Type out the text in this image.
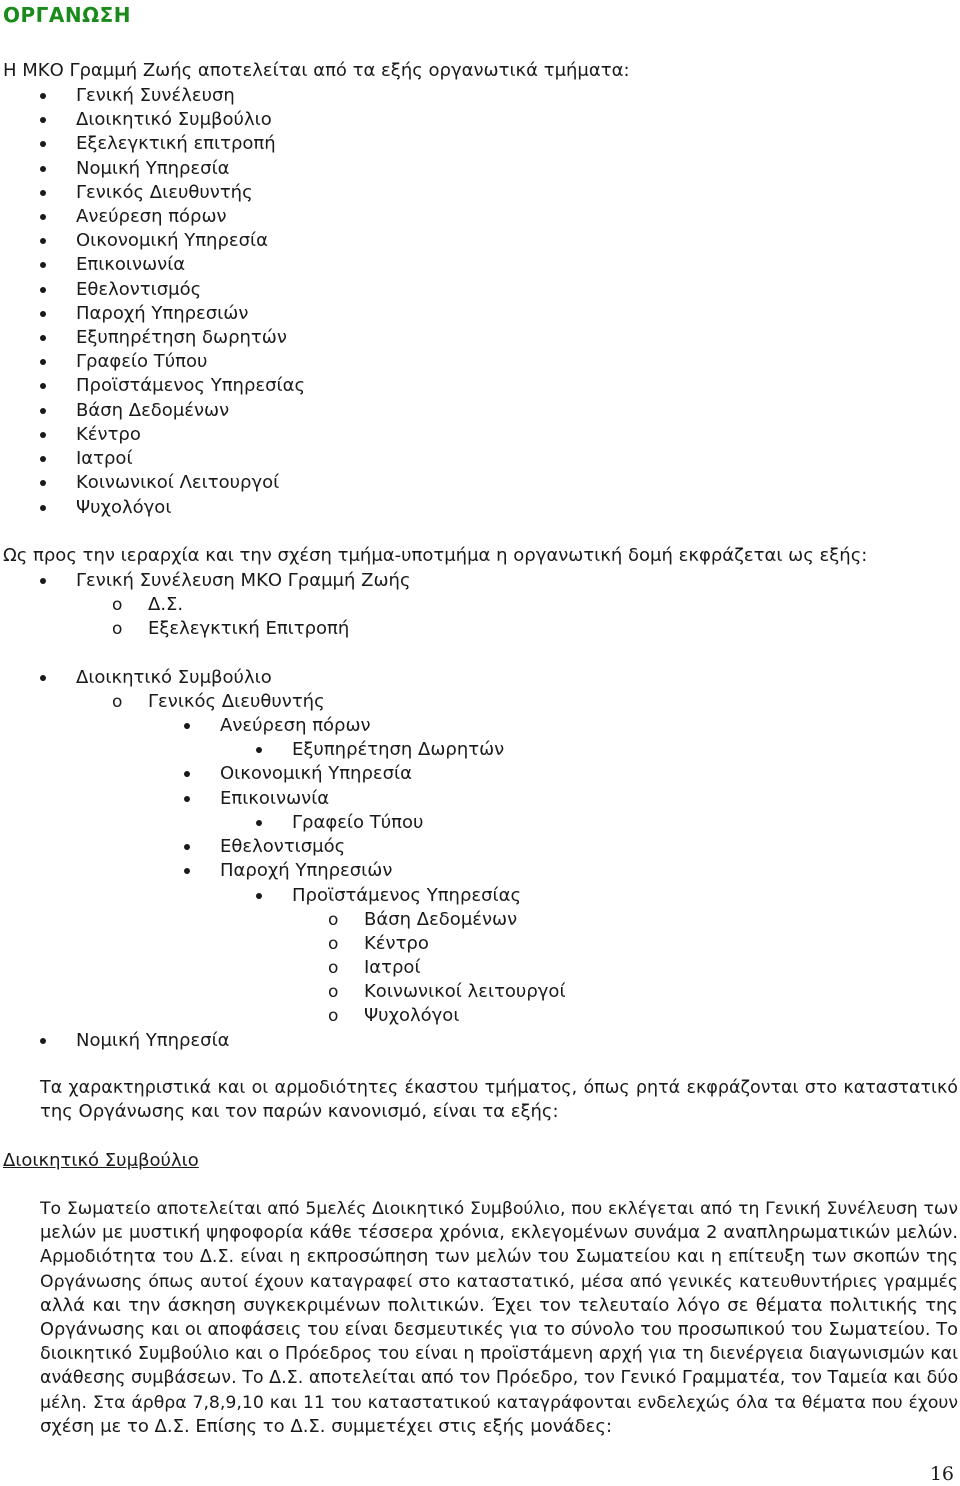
ΟΡΓΑΝΩΣΗ
Η ΜΚΟ Γραμμή Ζωής αποτελείται από τα εξής οργανωτικά τμήματα:
Γενική Συνέλευση
Διοικητικό Συμβούλιο
Εξελεγκτική επιτροπή
Νομική Υπηρεσία
Γενικός Διευθυντής
Ανεύρεση πόρων
Οικονομική Υπηρεσία
Επικοινωνία
Εθελοντισμός
Παροχή Υπηρεσιών
Εξυπηρέτηση δωρητών
Γραφείο Τύπου
Προϊστάμενος Υπηρεσίας
Βάση Δεδομένων
Κέντρο
Ιατροί
Κοινωνικοί Λειτουργοί
Ψυχολόγοι
Ως προς την ιεραρχία και την σχέση τμήμα-υποτμήμα η οργανωτική δομή εκφράζεται ως εξής:
Γενική Συνέλευση ΜΚΟ Γραμμή Ζωής
o Δ.Σ.
o Εξελεγκτική Επιτροπή
Διοικητικό Συμβούλιο
o Γενικός Διευθυντής
Ανεύρεση πόρων
Εξυπηρέτηση Δωρητών
Οικονομική Υπηρεσία
Επικοινωνία
Γραφείο Τύπου
Εθελοντισμός
Παροχή Υπηρεσιών
Προϊστάμενος Υπηρεσίας
o Βάση Δεδομένων
o Κέντρο
o Ιατροί
o Κοινωνικοί λειτουργοί
o Ψυχολόγοι
Νομική Υπηρεσία
Τα χαρακτηριστικά και οι αρμοδιότητες έκαστου τμήματος, όπως ρητά εκφράζονται στο καταστατικό
της Οργάνωσης και τον παρών κανονισμό, είναι τα εξής:
Διοικητικό Συμβούλιο
Το Σωματείο αποτελείται από 5μελές Διοικητικό Συμβούλιο, που εκλέγεται από τη Γενική Συνέλευση των
μελών με μυστική ψηφοφορία κάθε τέσσερα χρόνια, εκλεγομένων συνάμα 2 αναπληρωματικών μελών.
Αρμοδιότητα του Δ.Σ. είναι η εκπροσώπηση των μελών του Σωματείου και η επίτευξη των σκοπών της
Οργάνωσης όπως αυτοί έχουν καταγραφεί στο καταστατικό, μέσα από γενικές κατευθυντήριες γραμμές
αλλά και την άσκηση συγκεκριμένων πολιτικών. Έχει τον τελευταίο λόγο σε θέματα πολιτικής της
Οργάνωσης και οι αποφάσεις του είναι δεσμευτικές για το σύνολο του προσωπικού του Σωματείου. Το
διοικητικό Συμβούλιο και ο Πρόεδρος του είναι η προϊστάμενη αρχή για τη διενέργεια διαγωνισμών και
ανάθεσης συμβάσεων. Το Δ.Σ. αποτελείται από τον Πρόεδρο, τον Γενικό Γραμματέα, τον Ταμεία και δύο
μέλη. Στα άρθρα 7,8,9,10 και 11 του καταστατικού καταγράφονται ενδελεχώς όλα τα θέματα που έχουν
σχέση με το Δ.Σ. Επίσης το Δ.Σ. συμμετέχει στις εξής μονάδες:
16
